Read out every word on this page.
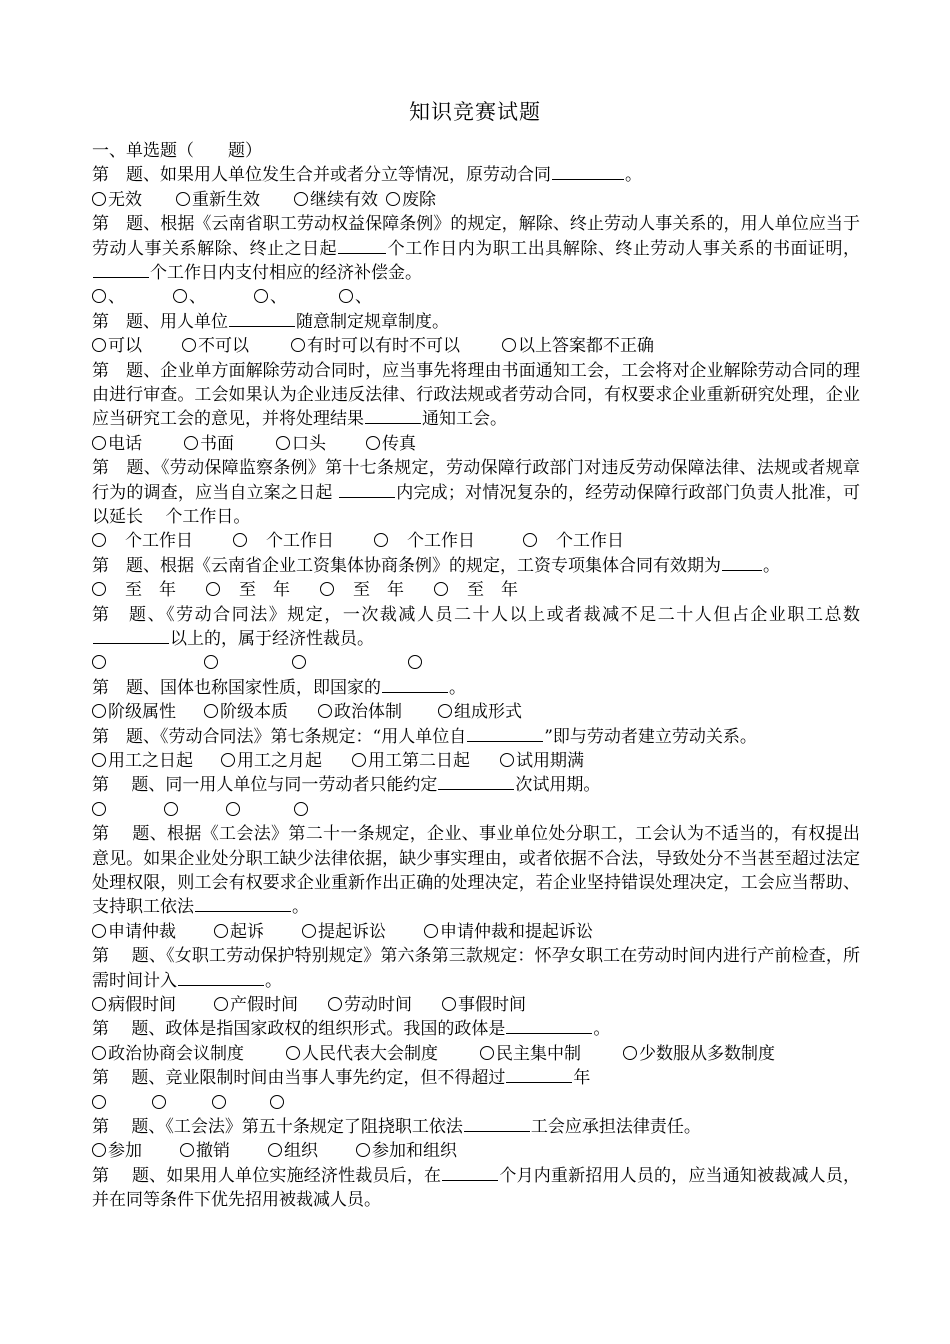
知识竞赛试题
一、单选题（　　题）
第　题、如果用人单位发生合并或者分立等情况，原劳动合同	。
无效	重新生效	继续有效 废除
第　题、根据《云南省职工劳动权益保障条例》的规定，解除、终止劳动人事关系的，用人单位应当于劳动人事关系解除、终止之日起	个工作日内为职工出具解除、终止劳动人事关系的书面证明，个工作日内支付相应的经济补偿金。
、	、	、	、
第　题、用人单位	随意制定规章制度。
可以	不可以	有时可以有时不可以	以上答案都不正确
第　题、企业单方面解除劳动合同时，应当事先将理由书面通知工会，工会将对企业解除劳动合同的理由进行审查。工会如果认为企业违反法律、行政法规或者劳动合同，有权要求企业重新研究处理，企业应当研究工会的意见，并将处理结果	通知工会。
电话	书面	口头	传真
第　题、《劳动保障监察条例》第十七条规定，劳动保障行政部门对违反劳动保障法律、法规或者规章行为的调查，应当自立案之日起	内完成；对情况复杂的，经劳动保障行政部门负责人批准，可以延长　 个工作日。
　个工作日	　个工作日	　个工作日	　个工作日
第　题、根据《云南省企业工资集体协商条例》的规定，工资专项集体合同有效期为 。
　至　年	　至　年	　至　年	　至　年
第　题、《劳动合同法》规定，一次裁减人员二十人以上或者裁减不足二十人但占企业职工总数以上的，属于经济性裁员。
第　题、国体也称国家性质，即国家的	。
阶级属性	阶级本质	政治体制	组成形式
第　题、《劳动合同法》第七条规定：“用人单位自	”即与劳动者建立劳动关系。
用工之日起	用工之月起	用工第二日起	试用期满
第　 题、同一用人单位与同一劳动者只能约定	次试用期。
第　 题、根据《工会法》第二十一条规定，企业、事业单位处分职工，工会认为不适当的，有权提出意见。如果企业处分职工缺少法律依据，缺少事实理由，或者依据不合法，导致处分不当甚至超过法定处理权限，则工会有权要求企业重新作出正确的处理决定，若企业坚持错误处理决定，工会应当帮助、支持职工依法	。
申请仲裁	起诉	提起诉讼	申请仲裁和提起诉讼
第　 题、《女职工劳动保护特别规定》第六条第三款规定：怀孕女职工在劳动时间内进行产前检查，所需时间计入	。
病假时间	产假时间	劳动时间	事假时间
第　 题、政体是指国家政权的组织形式。我国的政体是	。
政治协商会议制度	人民代表大会制度	民主集中制	少数服从多数制度
第　 题、竞业限制时间由当事人事先约定，但不得超过	年
第　 题、《工会法》第五十条规定了阻挠职工依法	工会应承担法律责任。
参加	撤销	组织	参加和组织
第　 题、如果用人单位实施经济性裁员后，在	个月内重新招用人员的，应当通知被裁减人员，并在同等条件下优先招用被裁减人员。
